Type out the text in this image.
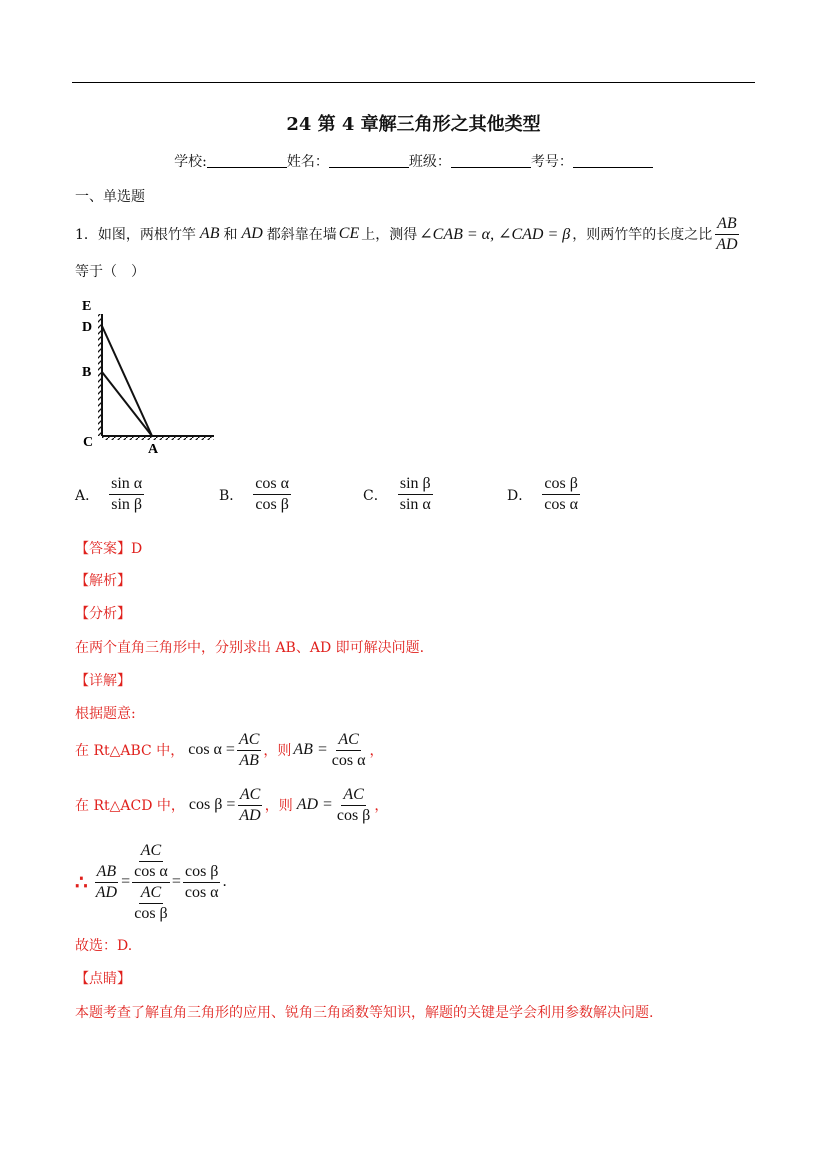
24 第 4 章解三角形之其他类型
学校:	姓名：	班级：	考号：
一、单选题
1． 如图，两根竹竿 AB 和 AD 都斜靠在墙 CE 上，测得 ∠CAB = α, ∠CAD = β ，则两竹竿的长度之比 $\frac{AB}{AD}$
等于（　）
E
D
B
C	A
A． $\frac{\text{sin α}}{\text{sin β}}$	B． $\frac{\text{cos α}}{\text{cos β}}$	C． $\frac{\text{sin β}}{\text{sin α}}$	D． $\frac{\text{cos β}}{\text{cos α}}$
【答案】D
【解析】
【分析】
在两个直角三角形中，分别求出 AB、AD 即可解决问题.
【详解】
根据题意:
在 Rt△ABC 中， $\cos \alpha = \frac{AC}{AB}$ ，则 AB = $\frac{AC}{\text{cos α}}$ ，
在 Rt△ACD 中， $\cos \beta = \frac{AC}{AD}$ ，则 AD = $\frac{AC}{\text{cos β}}$ ，
∴ $\frac{AB}{AD} = \frac{\frac{AC}{\text{cos α}}}{\frac{AC}{\text{cos β}}} = \frac{\text{cos β}}{\text{cos α}}$ .
故选：D.
【点睛】
本题考查了解直角三角形的应用、锐角三角函数等知识，解题的关键是学会利用参数解决问题.
